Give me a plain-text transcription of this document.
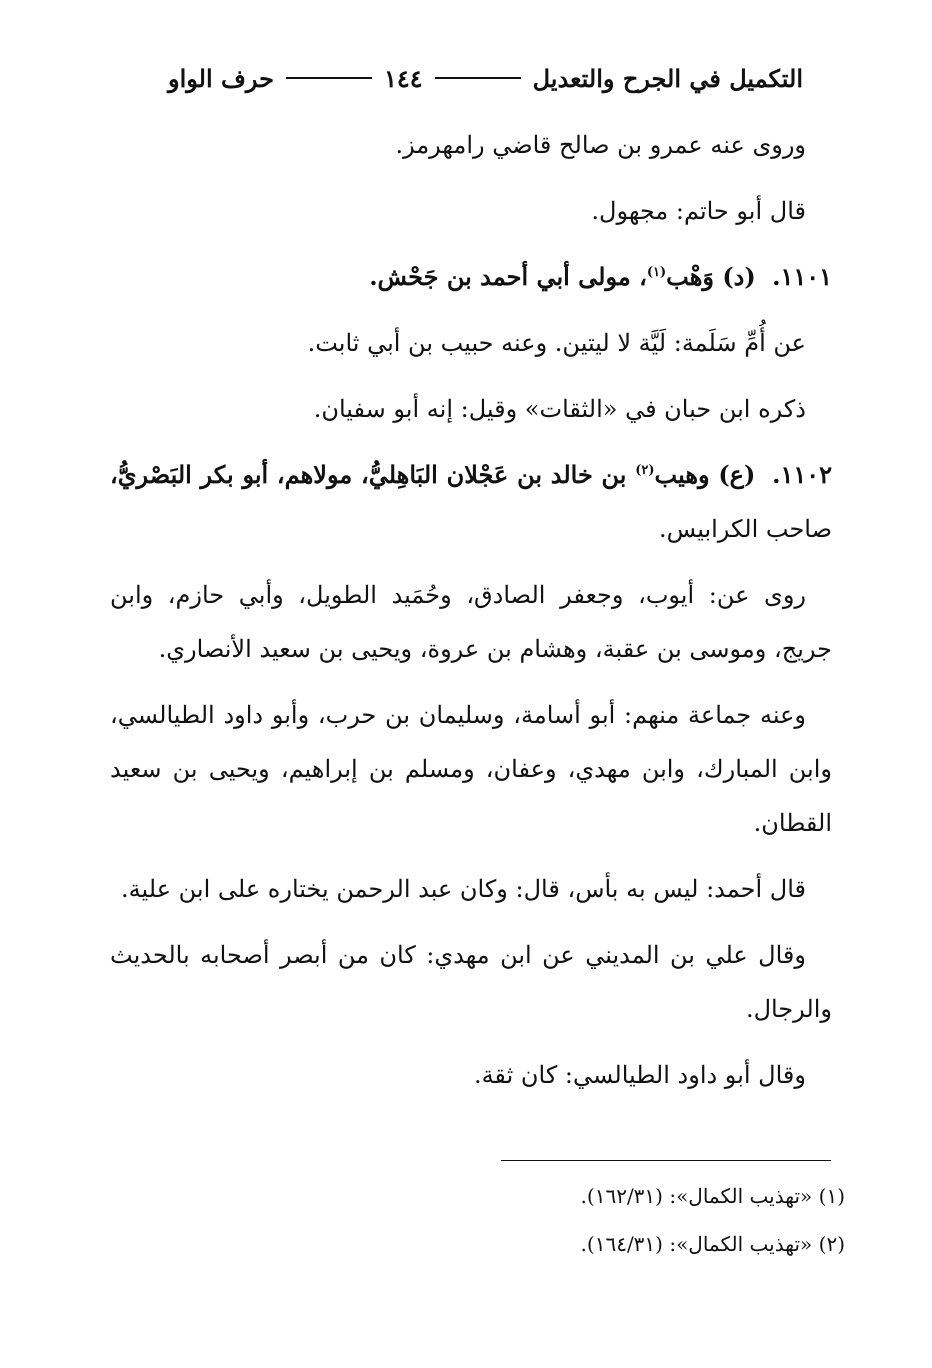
التكميل في الجرح والتعديل
١٤٤
حرف الواو

وروى عنه عمرو بن صالح قاضي رامهرمز.

قال أبو حاتم: مجهول.

١١٠١. (د) وَهْب$^{(١)}$، مولى أبي أحمد بن جَحْش.

عن أُمِّ سَلَمة: لَيَّة لا ليتين. وعنه حبيب بن أبي ثابت.

ذكره ابن حبان في «الثقات» وقيل: إنه أبو سفيان.

١١٠٢. (ع) وهيب$^{(٢)}$ بن خالد بن عَجْلان البَاهِليُّ، مولاهم، أبو بكر البَصْريُّ، صاحب الكرابيس.

روى عن: أيوب، وجعفر الصادق، وحُمَيد الطويل، وأبي حازم، وابن جريج، وموسى بن عقبة، وهشام بن عروة، ويحيى بن سعيد الأنصاري.

وعنه جماعة منهم: أبو أسامة، وسليمان بن حرب، وأبو داود الطيالسي، وابن المبارك، وابن مهدي، وعفان، ومسلم بن إبراهيم، ويحيى بن سعيد القطان.

قال أحمد: ليس به بأس، قال: وكان عبد الرحمن يختاره على ابن علية.

وقال علي بن المديني عن ابن مهدي: كان من أبصر أصحابه بالحديث والرجال.

وقال أبو داود الطيالسي: كان ثقة.

(١) «تهذيب الكمال»: (١٦٢/٣١).
(٢) «تهذيب الكمال»: (١٦٤/٣١).
